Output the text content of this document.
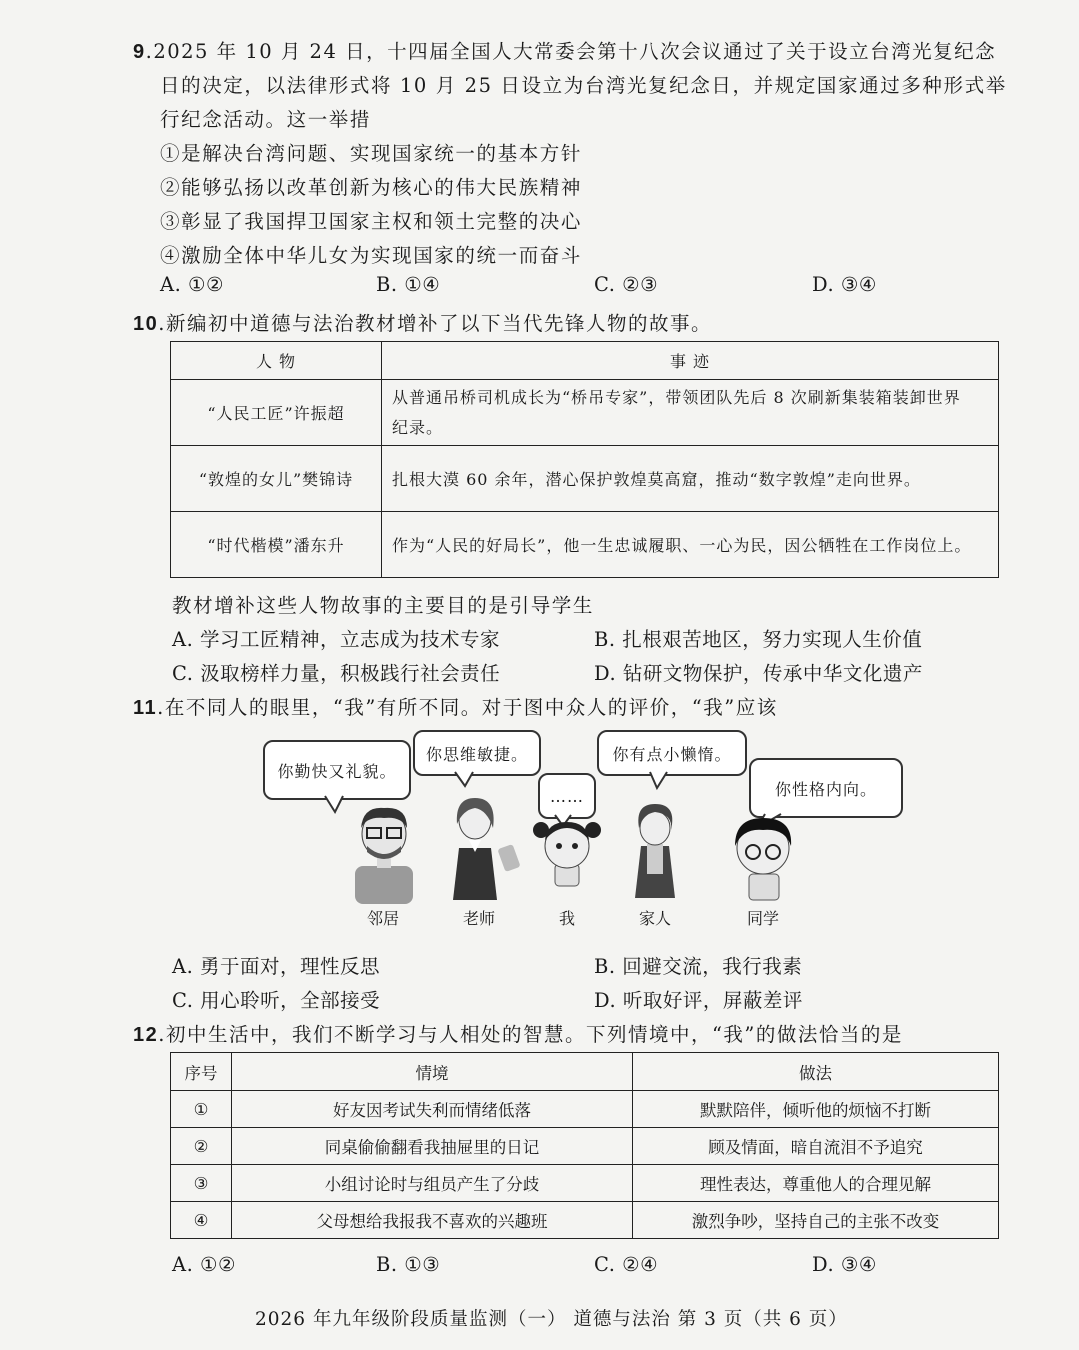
9.2025 年 10 月 24 日，十四届全国人大常委会第十八次会议通过了关于设立台湾光复纪念
日的决定，以法律形式将 10 月 25 日设立为台湾光复纪念日，并规定国家通过多种形式举
行纪念活动。这一举措
①是解决台湾问题、实现国家统一的基本方针
②能够弘扬以改革创新为核心的伟大民族精神
③彰显了我国捍卫国家主权和领土完整的决心
④激励全体中华儿女为实现国家的统一而奋斗
A. ①②	B. ①④	C. ②③	D. ③④
10.新编初中道德与法治教材增补了以下当代先锋人物的故事。
人 物	事 迹
“人民工匠”许振超	从普通吊桥司机成长为“桥吊专家”，带领团队先后 8 次刷新集装箱装卸世界
纪录。
“敦煌的女儿”樊锦诗	扎根大漠 60 余年，潜心保护敦煌莫高窟，推动“数字敦煌”走向世界。
“时代楷模”潘东升	作为“人民的好局长”，他一生忠诚履职、一心为民，因公牺牲在工作岗位上。
教材增补这些人物故事的主要目的是引导学生
A. 学习工匠精神，立志成为技术专家	B. 扎根艰苦地区，努力实现人生价值
C. 汲取榜样力量，积极践行社会责任	D. 钻研文物保护，传承中华文化遗产
11.在不同人的眼里，“我”有所不同。对于图中众人的评价，“我”应该
你勤快又礼貌。
你思维敏捷。
……
你有点小懒惰。
你性格内向。
邻居	老师	我	家人	同学
A. 勇于面对，理性反思	B. 回避交流，我行我素
C. 用心聆听，全部接受	D. 听取好评，屏蔽差评
12.初中生活中，我们不断学习与人相处的智慧。下列情境中，“我”的做法恰当的是
序号	情境	做法
①	好友因考试失利而情绪低落	默默陪伴，倾听他的烦恼不打断
②	同桌偷偷翻看我抽屉里的日记	顾及情面，暗自流泪不予追究
③	小组讨论时与组员产生了分歧	理性表达，尊重他人的合理见解
④	父母想给我报我不喜欢的兴趣班	激烈争吵，坚持自己的主张不改变
A. ①②	B. ①③	C. ②④	D. ③④
2026 年九年级阶段质量监测（一） 道德与法治 第 3 页（共 6 页）
